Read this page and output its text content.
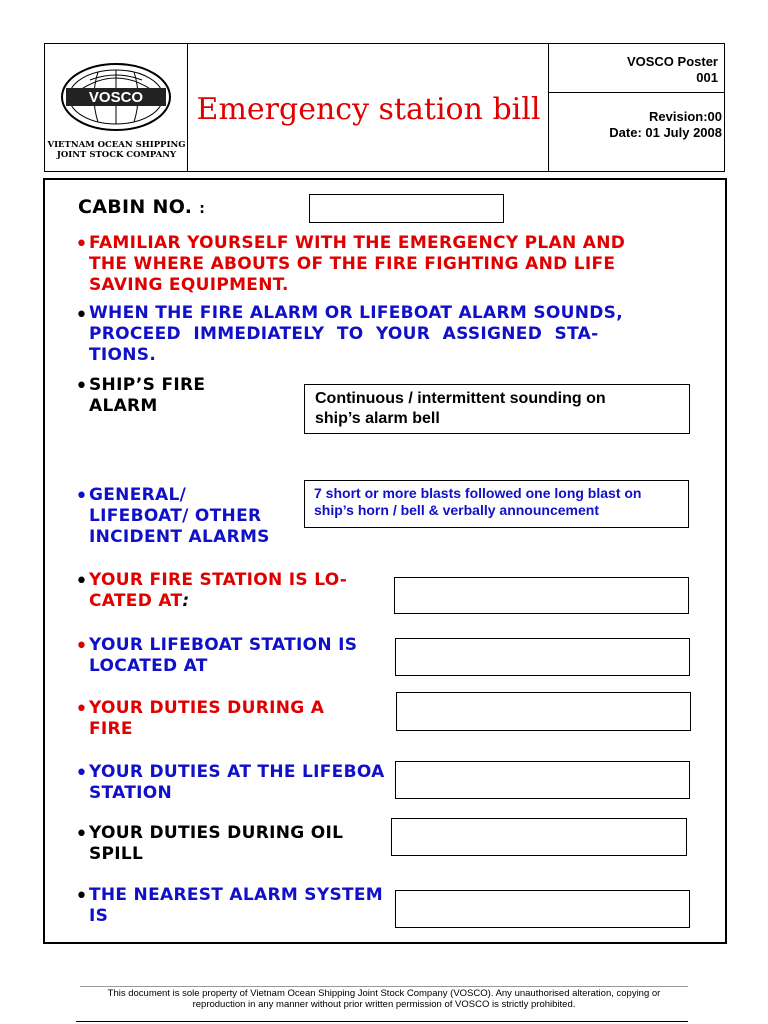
VOSCO
VIETNAM OCEAN SHIPPING
JOINT STOCK COMPANY
Emergency station bill
VOSCO Poster
001
Revision:00
Date: 01 July 2008
CABIN NO. :
• FAMILIAR YOURSELF WITH THE EMERGENCY PLAN AND
THE WHERE ABOUTS OF THE FIRE FIGHTING AND LIFE
SAVING EQUIPMENT.
• WHEN THE FIRE ALARM OR LIFEBOAT ALARM SOUNDS,
PROCEED  IMMEDIATELY  TO  YOUR  ASSIGNED  STA-
TIONS.
• SHIP’S FIRE
ALARM	Continuous / intermittent sounding on
ship’s alarm bell
• GENERAL/
LIFEBOAT/ OTHER
INCIDENT ALARMS
7 short or more blasts followed one long blast on
ship’s horn / bell & verbally announcement
• YOUR FIRE STATION IS LO-
CATED AT:
• YOUR LIFEBOAT STATION IS
LOCATED AT
• YOUR DUTIES DURING A
FIRE
• YOUR DUTIES AT THE LIFEBOA
STATION
• YOUR DUTIES DURING OIL
SPILL
• THE NEAREST ALARM SYSTEM
IS
This document is sole property of Vietnam Ocean Shipping Joint Stock Company (VOSCO). Any unauthorised alteration, copying or
reproduction in any manner without prior written permission of VOSCO is strictly prohibited.
